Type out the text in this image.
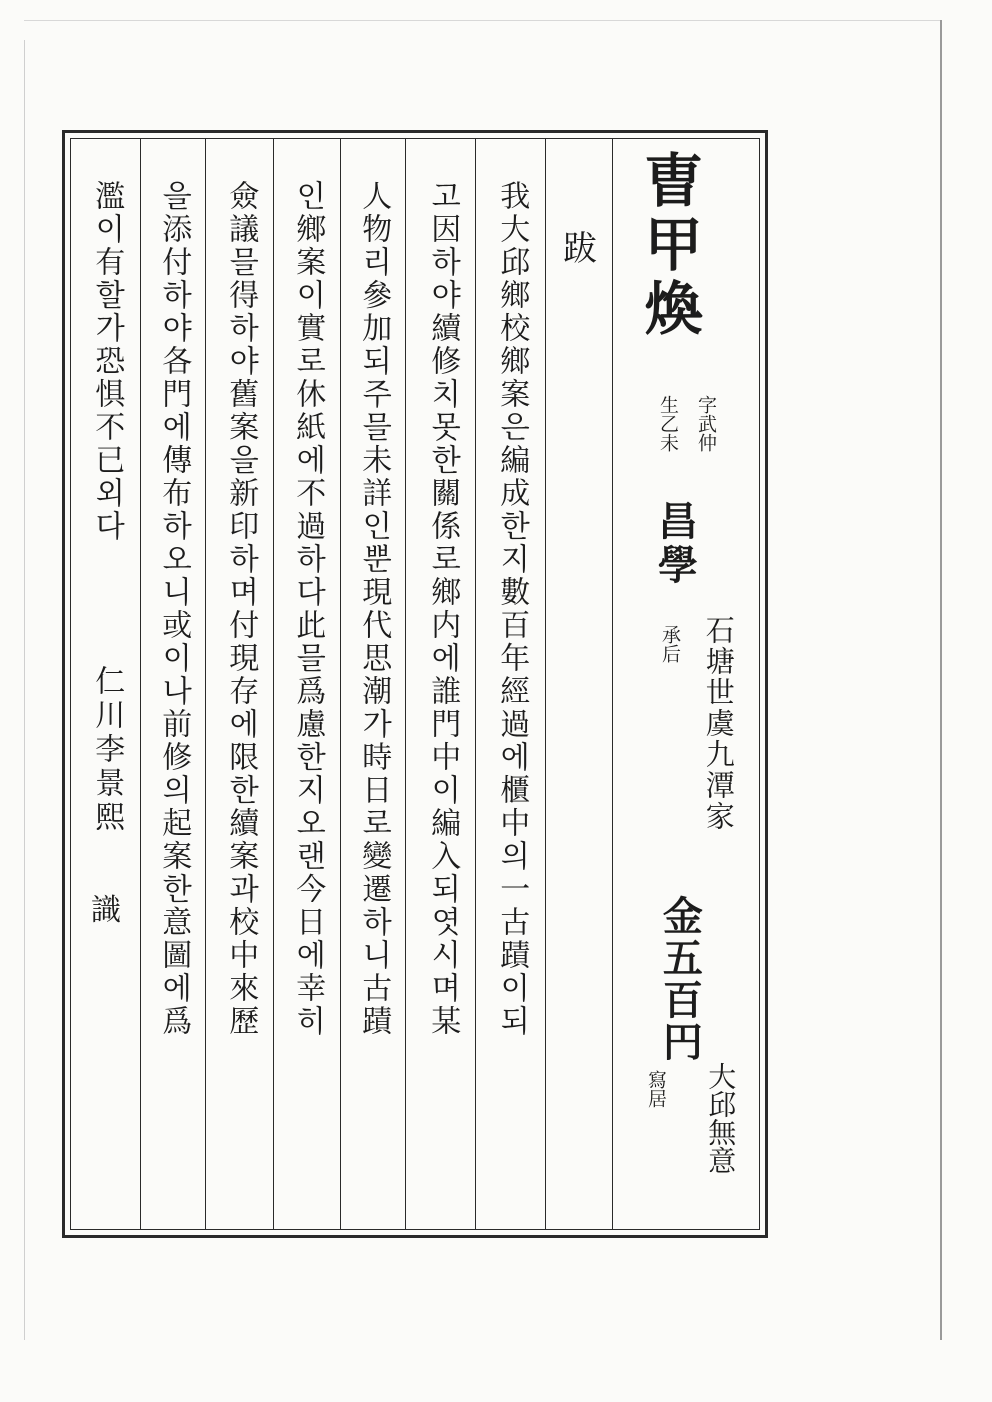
曺甲煥
字武仲
生乙未
昌學
承后 石塘世虞九潭家
金五百円
寫居 大邱無意
跋
我大邱鄉校鄉案은編成한지數百年經過에櫃中의一古蹟이되
고因하야續修치못한關係로鄉内에誰門中이編入되엿시며某
人物리參加되주믈未詳인뿐現代思潮가時日로變遷하니古蹟
인鄉案이實로休紙에不過하다此믈爲慮한지오랜今日에幸히
僉議믈得하야舊案을新印하며付現存에限한續案과校中來歷
을添付하야各門에傳布하오니或이나前修의起案한意圖에爲
濫이有할가恐惧不已외다
仁川李景熙
識
